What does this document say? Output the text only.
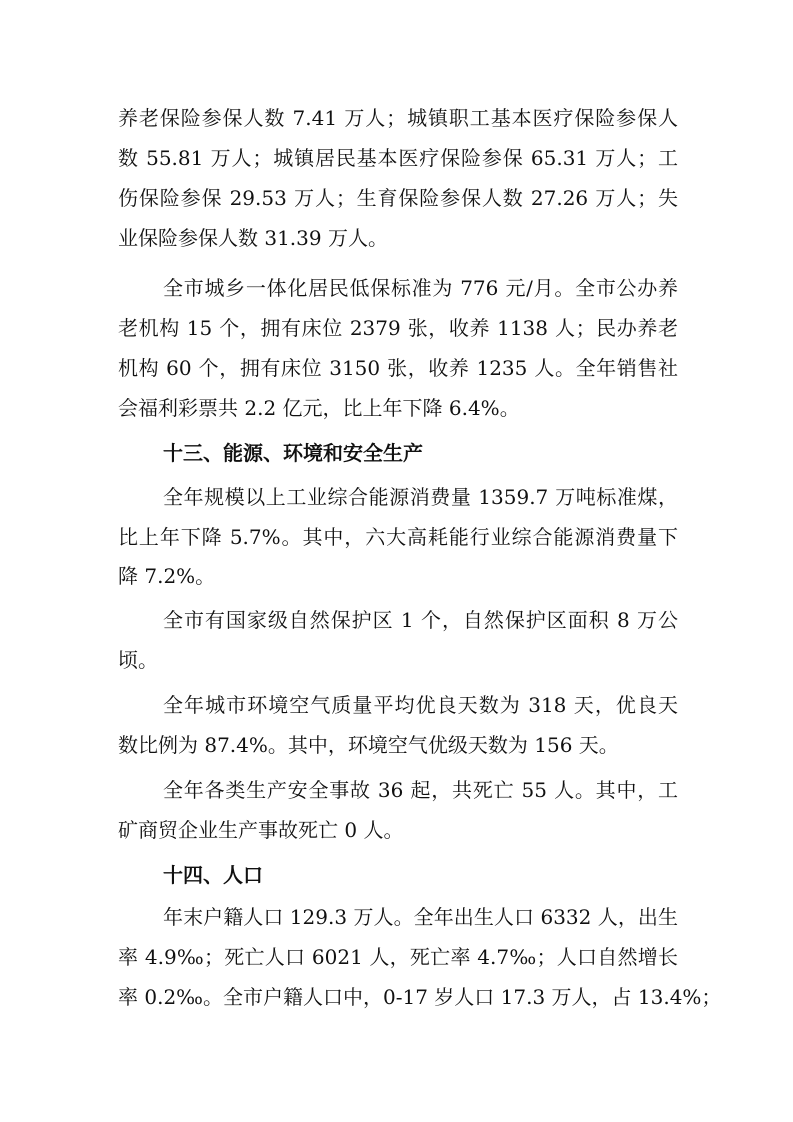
养老保险参保人数 7.41 万人；城镇职工基本医疗保险参保人
数 55.81 万人；城镇居民基本医疗保险参保 65.31 万人；工
伤保险参保 29.53 万人；生育保险参保人数 27.26 万人；失
业保险参保人数 31.39 万人。
全市城乡一体化居民低保标准为 776 元/月。全市公办养
老机构 15 个，拥有床位 2379 张，收养 1138 人；民办养老
机构 60 个，拥有床位 3150 张，收养 1235 人。全年销售社
会福利彩票共 2.2 亿元，比上年下降 6.4%。
十三、能源、环境和安全生产
全年规模以上工业综合能源消费量 1359.7 万吨标准煤，
比上年下降 5.7%。其中，六大高耗能行业综合能源消费量下
降 7.2%。
全市有国家级自然保护区 1 个，自然保护区面积 8 万公
顷。
全年城市环境空气质量平均优良天数为 318 天，优良天
数比例为 87.4%。其中，环境空气优级天数为 156 天。
全年各类生产安全事故 36 起，共死亡 55 人。其中，工
矿商贸企业生产事故死亡 0 人。
十四、人口
年末户籍人口 129.3 万人。全年出生人口 6332 人，出生
率 4.9‰；死亡人口 6021 人，死亡率 4.7‰；人口自然增长
率 0.2‰。全市户籍人口中，0-17 岁人口 17.3 万人，占 13.4%；
